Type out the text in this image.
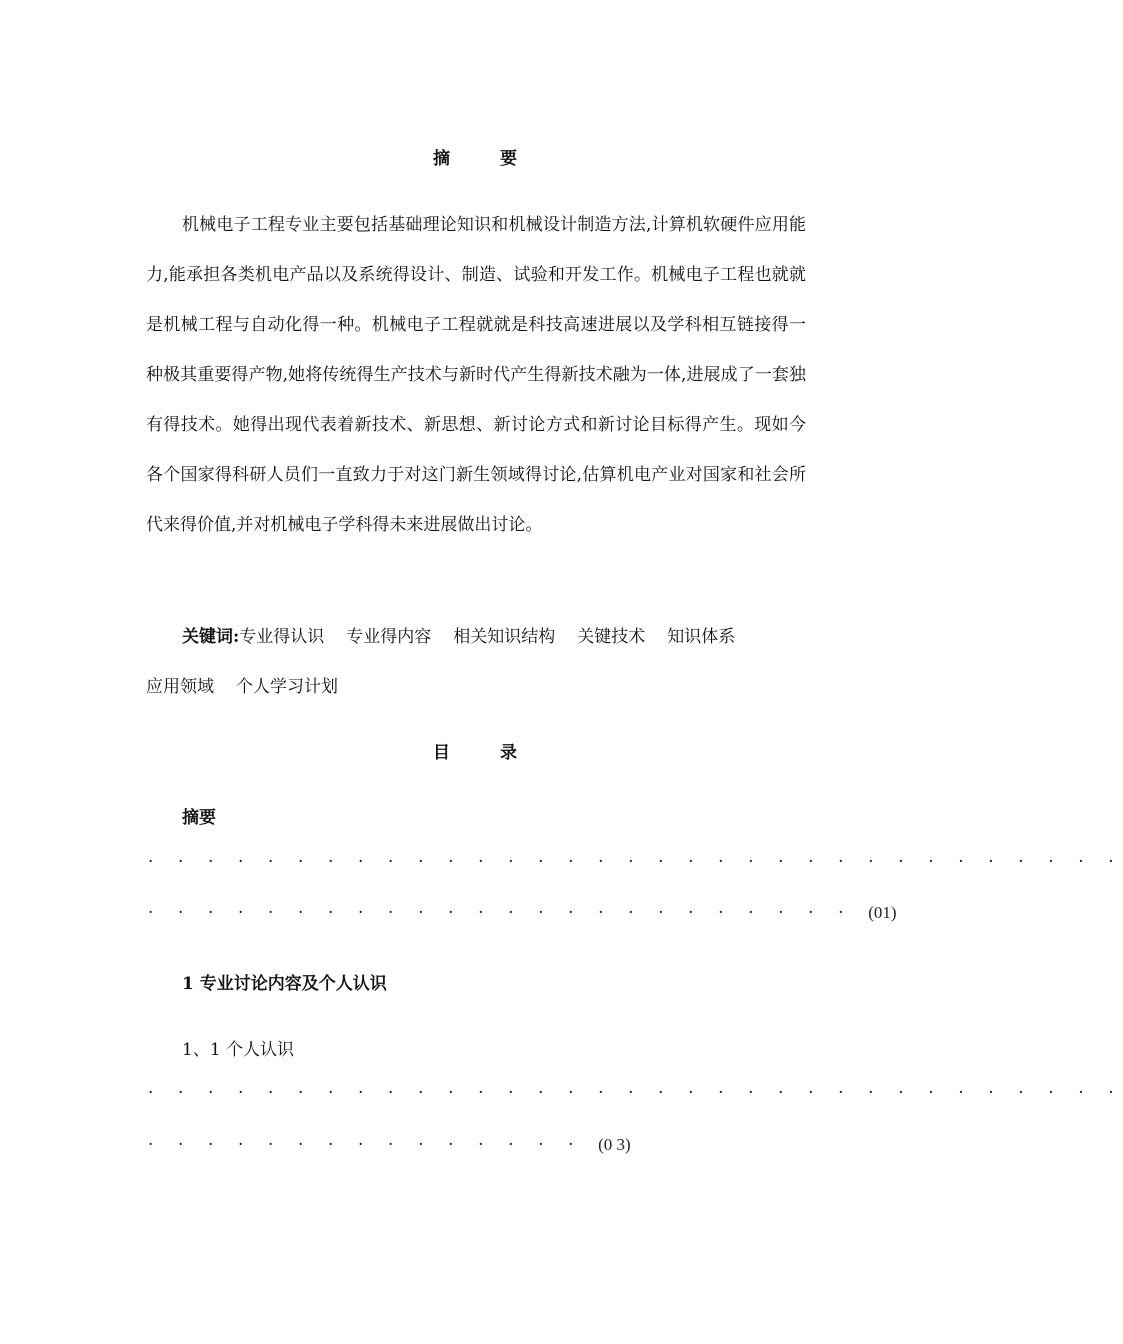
摘 要

机械电子工程专业主要包括基础理论知识和机械设计制造方法,计算机软硬件应用能力,能承担各类机电产品以及系统得设计、制造、试验和开发工作。机械电子工程也就就是机械工程与自动化得一种。机械电子工程就就是科技高速进展以及学科相互链接得一种极其重要得产物,她将传统得生产技术与新时代产生得新技术融为一体,进展成了一套独有得技术。她得出现代表着新技术、新思想、新讨论方式和新讨论目标得产生。现如今各个国家得科研人员们一直致力于对这门新生领域得讨论,估算机电产业对国家和社会所代来得价值,并对机械电子学科得未来进展做出讨论。

关键词:专业得认识 专业得内容 相关知识结构 关键技术 知识体系
应用领域 个人学习计划
目 录
摘要
· · · · · · · · · · · · · · · · · · · · · · · · · · · · · · · · ·
· · · · · · · · · · · · · · · · · · · · · · · · (01)
1 专业讨论内容及个人认识
1、1 个人认识
· · · · · · · · · · · · · · · · · · · · · · · · · · · · · · · · ·
· · · · · · · · · · · · · · · (0 3)
